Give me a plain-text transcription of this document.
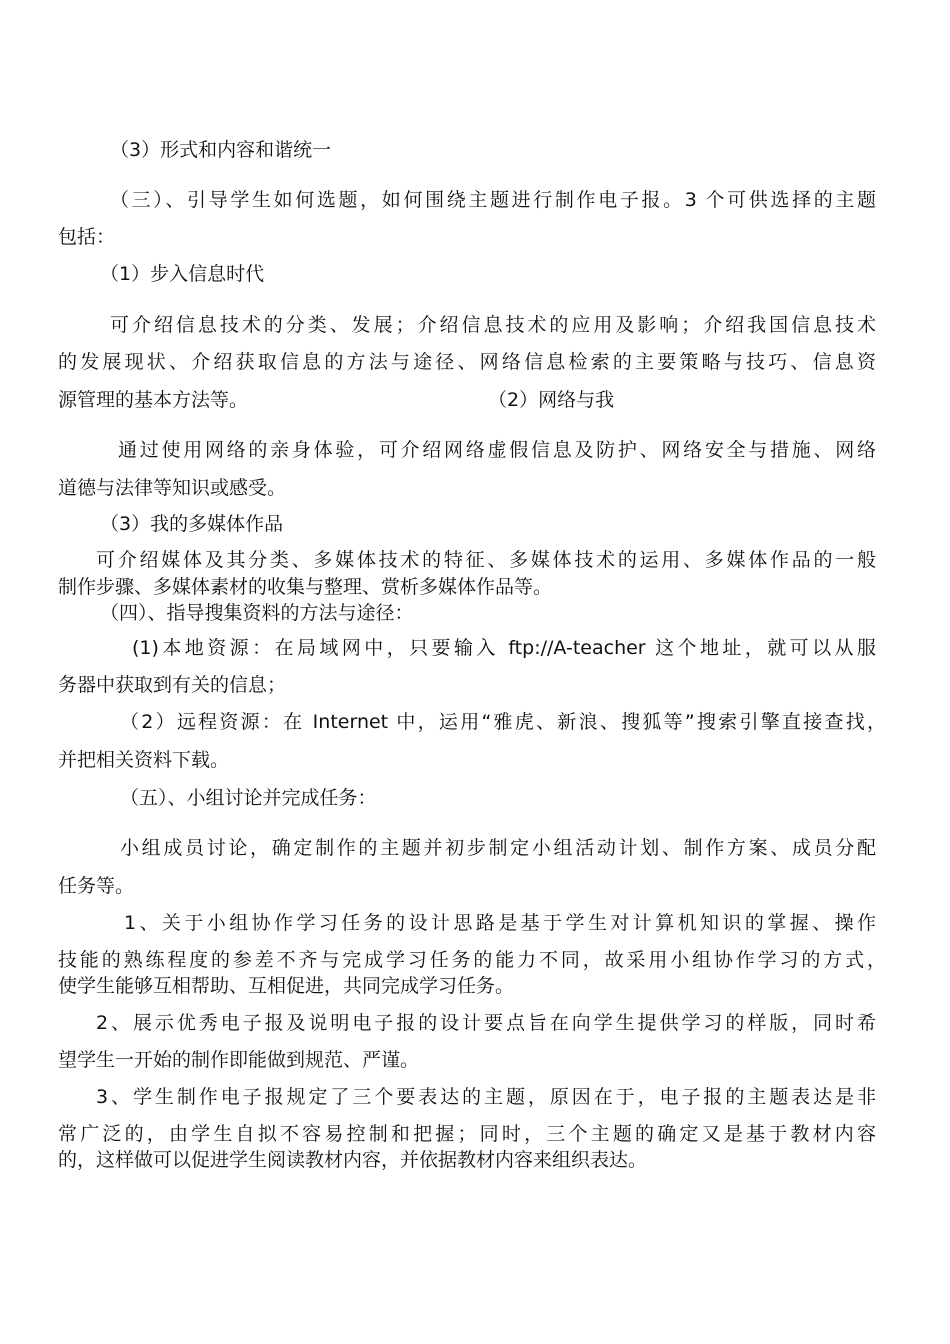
（3）形式和内容和谐统一
（三）、引导学生如何选题，如何围绕主题进行制作电子报。3 个可供选择的主题
包括：
（1）步入信息时代
可介绍信息技术的分类、发展；介绍信息技术的应用及影响；介绍我国信息技术
的发展现状、介绍获取信息的方法与途径、网络信息检索的主要策略与技巧、信息资
源管理的基本方法等。	（2）网络与我
通过使用网络的亲身体验，可介绍网络虚假信息及防护、网络安全与措施、网络
道德与法律等知识或感受。
（3）我的多媒体作品
可介绍媒体及其分类、多媒体技术的特征、多媒体技术的运用、多媒体作品的一般
制作步骤、多媒体素材的收集与整理、赏析多媒体作品等。
（四）、指导搜集资料的方法与途径：
(1)本地资源：在局域网中，只要输入 ftp://A-teacher 这个地址，就可以从服
务器中获取到有关的信息；
（2）远程资源：在 Internet 中，运用“雅虎、新浪、搜狐等”搜索引擎直接查找，
并把相关资料下载。
（五）、小组讨论并完成任务：
小组成员讨论，确定制作的主题并初步制定小组活动计划、制作方案、成员分配
任务等。
1、关于小组协作学习任务的设计思路是基于学生对计算机知识的掌握、操作
技能的熟练程度的参差不齐与完成学习任务的能力不同，故采用小组协作学习的方式，
使学生能够互相帮助、互相促进，共同完成学习任务。
2、展示优秀电子报及说明电子报的设计要点旨在向学生提供学习的样版，同时希
望学生一开始的制作即能做到规范、严谨。
3、学生制作电子报规定了三个要表达的主题，原因在于，电子报的主题表达是非
常广泛的，由学生自拟不容易控制和把握；同时，三个主题的确定又是基于教材内容
的，这样做可以促进学生阅读教材内容，并依据教材内容来组织表达。
